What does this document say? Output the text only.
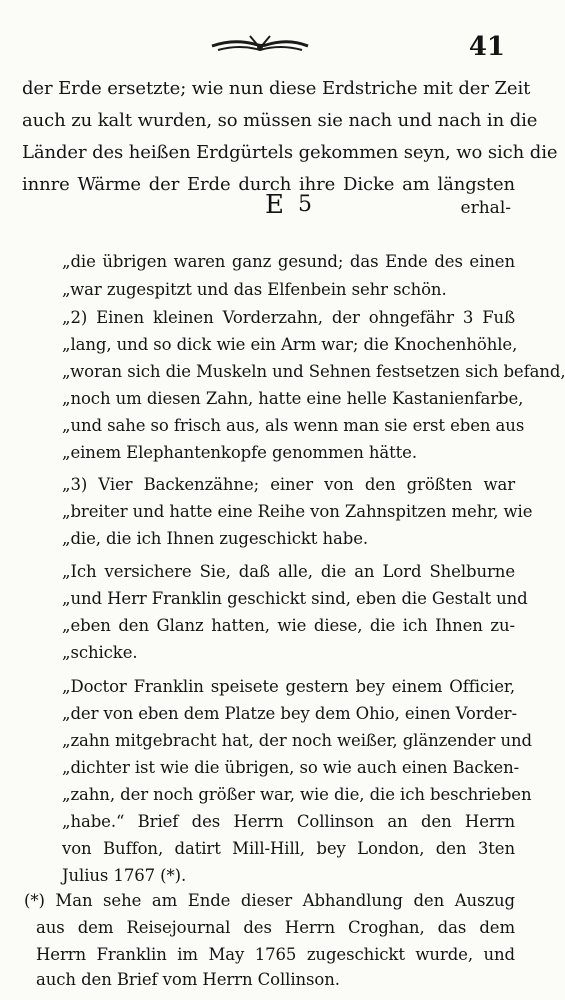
41
der Erde ersetzte; wie nun diese Erdstriche mit der Zeit
auch zu kalt wurden, so müssen sie nach und nach in die
Länder des heißen Erdgürtels gekommen seyn, wo sich die
innre Wärme der Erde durch ihre Dicke am längsten
E 5	erhal-
„die übrigen waren ganz gesund; das Ende des einen
„war zugespitzt und das Elfenbein sehr schön.
„2) Einen kleinen Vorderzahn, der ohngefähr 3 Fuß
„lang, und so dick wie ein Arm war; die Knochenhöhle,
„woran sich die Muskeln und Sehnen festsetzen sich befand,
„noch um diesen Zahn, hatte eine helle Kastanienfarbe,
„und sahe so frisch aus, als wenn man sie erst eben aus
„einem Elephantenkopfe genommen hätte.
„3) Vier Backenzähne; einer von den größten war
„breiter und hatte eine Reihe von Zahnspitzen mehr, wie
„die, die ich Ihnen zugeschickt habe.
„Ich versichere Sie, daß alle, die an Lord Shelburne
„und Herr Franklin geschickt sind, eben die Gestalt und
„eben den Glanz hatten, wie diese, die ich Ihnen zu-
„schicke.
„Doctor Franklin speisete gestern bey einem Officier,
„der von eben dem Platze bey dem Ohio, einen Vorder-
„zahn mitgebracht hat, der noch weißer, glänzender und
„dichter ist wie die übrigen, so wie auch einen Backen-
„zahn, der noch größer war, wie die, die ich beschrieben
„habe.“ Brief des Herrn Collinson an den Herrn
von Buffon, datirt Mill-Hill, bey London, den 3ten
Julius 1767 (*).
(*) Man sehe am Ende dieser Abhandlung den Auszug
aus dem Reisejournal des Herrn Croghan, das dem
Herrn Franklin im May 1765 zugeschickt wurde, und
auch den Brief vom Herrn Collinson.
